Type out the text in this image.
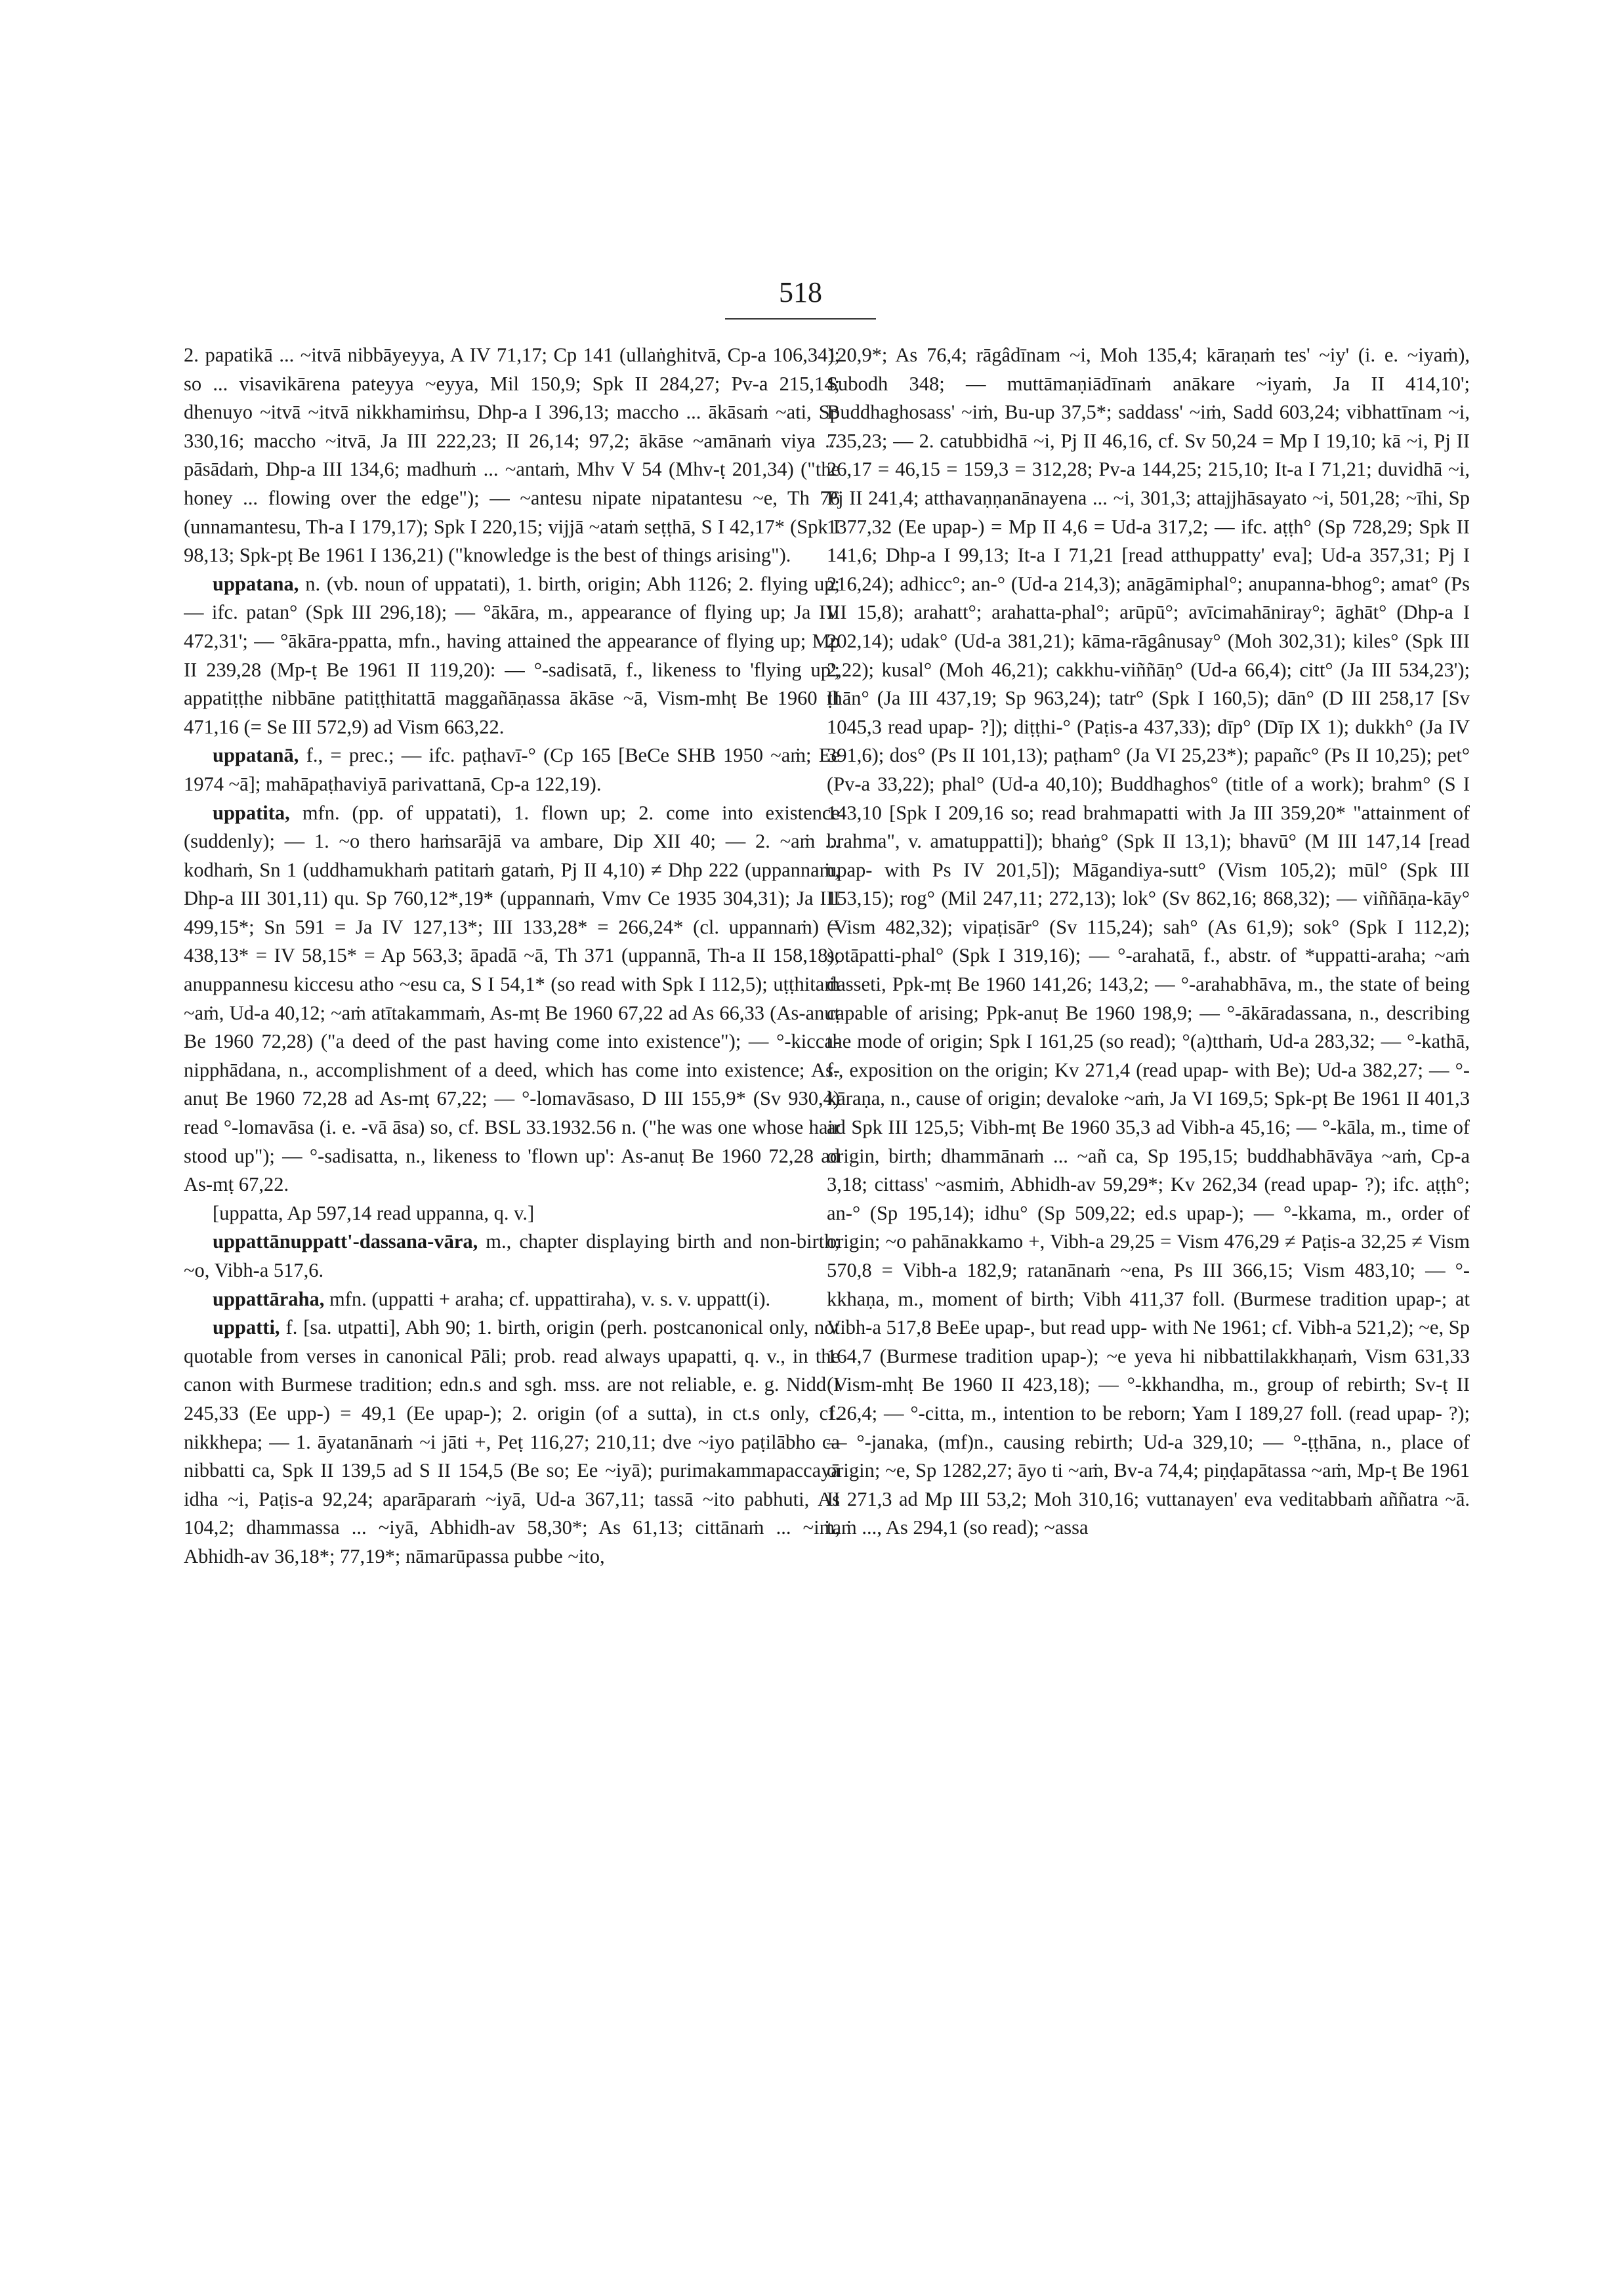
518

2. papatikā ... ~itvā nibbāyeyya, A IV 71,17; Cp 141 (ullaṅghitvā, Cp-a 106,34); so ... visavikārena pateyya ~eyya, Mil 150,9; Spk II 284,27; Pv-a 215,14; dhenuyo ~itvā ~itvā nikkhamiṁsu, Dhp-a I 396,13; maccho ... ākāsaṁ ~ati, Sp 330,16; maccho ~itvā, Ja III 222,23; II 26,14; 97,2; ākāse ~amānaṁ viya ... pāsādaṁ, Dhp-a III 134,6; madhuṁ ... ~antaṁ, Mhv V 54 (Mhv-ṭ 201,34) ("the honey ... flowing over the edge"); — ~antesu nipate nipatantesu ~e, Th 76 (unnamantesu, Th-a I 179,17); Spk I 220,15; vijjā ~ataṁ seṭṭhā, S I 42,17* (Spk I 98,13; Spk-pṭ Be 1961 I 136,21) ("knowledge is the best of things arising").

uppatana, n. (vb. noun of uppatati), 1. birth, origin; Abh 1126; 2. flying up; — ifc. patan° (Spk III 296,18); — °ākāra, m., appearance of flying up; Ja IV 472,31'; — °ākāra-ppatta, mfn., having attained the appearance of flying up; Mp II 239,28 (Mp-ṭ Be 1961 II 119,20): — °-sadisatā, f., likeness to 'flying up'; appatiṭṭhe nibbāne patiṭṭhitattā maggañāṇassa ākāse ~ā, Vism-mhṭ Be 1960 II 471,16 (= Se III 572,9) ad Vism 663,22.

uppatanā, f., = prec.; — ifc. paṭhavī-° (Cp 165 [BeCe SHB 1950 ~aṁ; Ee 1974 ~ā]; mahāpaṭhaviyā parivattanā, Cp-a 122,19).

uppatita, mfn. (pp. of uppatati), 1. flown up; 2. come into existence (suddenly); — 1. ~o thero haṁsarājā va ambare, Dip XII 40; — 2. ~aṁ ... kodhaṁ, Sn 1 (uddhamukhaṁ patitaṁ gataṁ, Pj II 4,10) ≠ Dhp 222 (uppannaṁ, Dhp-a III 301,11) qu. Sp 760,12*,19* (uppannaṁ, Vmv Ce 1935 304,31); Ja III 499,15*; Sn 591 = Ja IV 127,13*; III 133,28* = 266,24* (cl. uppannaṁ) = 438,13* = IV 58,15* = Ap 563,3; āpadā ~ā, Th 371 (uppannā, Th-a II 158,18); anuppannesu kiccesu atho ~esu ca, S I 54,1* (so read with Spk I 112,5); uṭṭhitaṁ ~aṁ, Ud-a 40,12; ~aṁ atītakammaṁ, As-mṭ Be 1960 67,22 ad As 66,33 (As-anuṭ Be 1960 72,28) ("a deed of the past having come into existence"); — °-kicca-nipphādana, n., accomplishment of a deed, which has come into existence; As-anuṭ Be 1960 72,28 ad As-mṭ 67,22; — °-lomavāsaso, D III 155,9* (Sv 930,4) read °-lomavāsa (i. e. -vā āsa) so, cf. BSL 33.1932.56 n. ("he was one whose hair stood up"); — °-sadisatta, n., likeness to 'flown up': As-anuṭ Be 1960 72,28 ad As-mṭ 67,22.

[uppatta, Ap 597,14 read uppanna, q. v.]

uppattānuppatt'-dassana-vāra, m., chapter displaying birth and non-birth; ~o, Vibh-a 517,6.

uppattāraha, mfn. (uppatti + araha; cf. uppattiraha), v. s. v. uppatt(i).

uppatti, f. [sa. utpatti], Abh 90; 1. birth, origin (perh. postcanonical only, not quotable from verses in canonical Pāli; prob. read always upapatti, q. v., in the canon with Burmese tradition; edn.s and sgh. mss. are not reliable, e. g. Nidd I 245,33 (Ee upp-) = 49,1 (Ee upap-); 2. origin (of a sutta), in ct.s only, cf. nikkhepa; — 1. āyatanānaṁ ~i jāti +, Peṭ 116,27; 210,11; dve ~iyo paṭilābho ca nibbatti ca, Spk II 139,5 ad S II 154,5 (Be so; Ee ~iyā); purimakammapaccayā idha ~i, Paṭis-a 92,24; aparāparaṁ ~iyā, Ud-a 367,11; tassā ~ito pabhuti, As 104,2; dhammassa ... ~iyā, Abhidh-av 58,30*; As 61,13; cittānaṁ ... ~iṁ, Abhidh-av 36,18*; 77,19*; nāmarūpassa pubbe ~ito,

120,9*; As 76,4; rāgâdīnam ~i, Moh 135,4; kāraṇaṁ tes' ~iy' (i. e. ~iyaṁ), Subodh 348; — muttāmaṇiādīnaṁ anākare ~iyaṁ, Ja II 414,10'; Buddhaghosass' ~iṁ, Bu-up 37,5*; saddass' ~iṁ, Sadd 603,24; vibhattīnam ~i, 735,23; — 2. catubbidhā ~i, Pj II 46,16, cf. Sv 50,24 = Mp I 19,10; kā ~i, Pj II 26,17 = 46,15 = 159,3 = 312,28; Pv-a 144,25; 215,10; It-a I 71,21; duvidhā ~i, Pj II 241,4; atthavaṇṇanānayena ... ~i, 301,3; attajjhāsayato ~i, 501,28; ~īhi, Sp 1377,32 (Ee upap-) = Mp II 4,6 = Ud-a 317,2; — ifc. aṭṭh° (Sp 728,29; Spk II 141,6; Dhp-a I 99,13; It-a I 71,21 [read atthuppatty' eva]; Ud-a 357,31; Pj I 216,24); adhicc°; an-° (Ud-a 214,3); anāgāmiphal°; anupanna-bhog°; amat° (Ps III 15,8); arahatt°; arahatta-phal°; arūpū°; avīcimahāniray°; āghāt° (Dhp-a I 202,14); udak° (Ud-a 381,21); kāma-rāgânusay° (Moh 302,31); kiles° (Spk III 2,22); kusal° (Moh 46,21); cakkhu-viññāṇ° (Ud-a 66,4); citt° (Ja III 534,23'); ṭhān° (Ja III 437,19; Sp 963,24); tatr° (Spk I 160,5); dān° (D III 258,17 [Sv 1045,3 read upap- ?]); diṭṭhi-° (Paṭis-a 437,33); dīp° (Dīp IX 1); dukkh° (Ja IV 391,6); dos° (Ps II 101,13); paṭham° (Ja VI 25,23*); papañc° (Ps II 10,25); pet° (Pv-a 33,22); phal° (Ud-a 40,10); Buddhaghos° (title of a work); brahm° (S I 143,10 [Spk I 209,16 so; read brahmapatti with Ja III 359,20* "attainment of brahma", v. amatuppatti]); bhaṅg° (Spk II 13,1); bhavū° (M III 147,14 [read upap- with Ps IV 201,5]); Māgandiya-sutt° (Vism 105,2); mūl° (Spk III 153,15); rog° (Mil 247,11; 272,13); lok° (Sv 862,16; 868,32); — viññāṇa-kāy° (Vism 482,32); vipaṭisār° (Sv 115,24); sah° (As 61,9); sok° (Spk I 112,2); sotāpatti-phal° (Spk I 319,16); — °-arahatā, f., abstr. of *uppatti-araha; ~aṁ dasseti, Ppk-mṭ Be 1960 141,26; 143,2; — °-arahabhāva, m., the state of being capable of arising; Ppk-anuṭ Be 1960 198,9; — °-ākāradassana, n., describing the mode of origin; Spk I 161,25 (so read); °(a)tthaṁ, Ud-a 283,32; — °-kathā, f., exposition on the origin; Kv 271,4 (read upap- with Be); Ud-a 382,27; — °-kāraṇa, n., cause of origin; devaloke ~aṁ, Ja VI 169,5; Spk-pṭ Be 1961 II 401,3 ad Spk III 125,5; Vibh-mṭ Be 1960 35,3 ad Vibh-a 45,16; — °-kāla, m., time of origin, birth; dhammānaṁ ... ~añ ca, Sp 195,15; buddhabhāvāya ~aṁ, Cp-a 3,18; cittass' ~asmiṁ, Abhidh-av 59,29*; Kv 262,34 (read upap- ?); ifc. aṭṭh°; an-° (Sp 195,14); idhu° (Sp 509,22; ed.s upap-); — °-kkama, m., order of origin; ~o pahānakkamo +, Vibh-a 29,25 = Vism 476,29 ≠ Paṭis-a 32,25 ≠ Vism 570,8 = Vibh-a 182,9; ratanānaṁ ~ena, Ps III 366,15; Vism 483,10; — °-kkhaṇa, m., moment of birth; Vibh 411,37 foll. (Burmese tradition upap-; at Vibh-a 517,8 BeEe upap-, but read upp- with Ne 1961; cf. Vibh-a 521,2); ~e, Sp 164,7 (Burmese tradition upap-); ~e yeva hi nibbattilakkhaṇaṁ, Vism 631,33 (Vism-mhṭ Be 1960 II 423,18); — °-kkhandha, m., group of rebirth; Sv-ṭ II 126,4; — °-citta, m., intention to be reborn; Yam I 189,27 foll. (read upap- ?); — °-janaka, (mf)n., causing rebirth; Ud-a 329,10; — °-ṭṭhāna, n., place of origin; ~e, Sp 1282,27; āyo ti ~aṁ, Bv-a 74,4; piṇḍapātassa ~aṁ, Mp-ṭ Be 1961 II 271,3 ad Mp III 53,2; Moh 310,16; vuttanayen' eva veditabbaṁ aññatra ~ā. taṁ ..., As 294,1 (so read); ~assa
